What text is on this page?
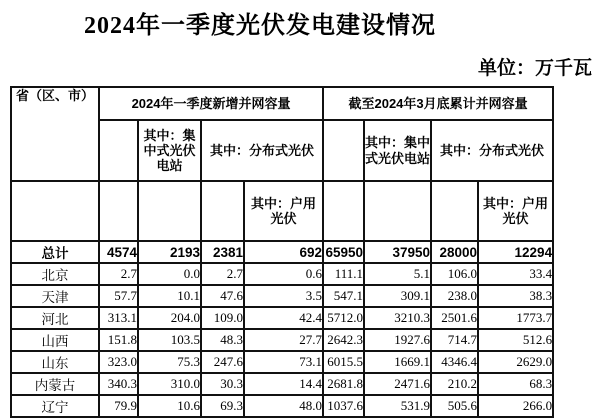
2024年一季度光伏发电建设情况
单位：万千瓦
省（区、市）	2024年一季度新增并网容量				截至2024年3月底累计并网容量			
		其中：集中式光伏电站	其中：分布式光伏			其中：集中式光伏电站	其中：分布式光伏	
				其中：户用光伏				其中：户用光伏
总计	4574	2193	2381	692	65950	37950	28000	12294
北京	2.7	0.0	2.7	0.6	111.1	5.1	106.0	33.4
天津	57.7	10.1	47.6	3.5	547.1	309.1	238.0	38.3
河北	313.1	204.0	109.0	42.4	5712.0	3210.3	2501.6	1773.7
山西	151.8	103.5	48.3	27.7	2642.3	1927.6	714.7	512.6
山东	323.0	75.3	247.6	73.1	6015.5	1669.1	4346.4	2629.0
内蒙古	340.3	310.0	30.3	14.4	2681.8	2471.6	210.2	68.3
辽宁	79.9	10.6	69.3	48.0	1037.6	531.9	505.6	266.0
